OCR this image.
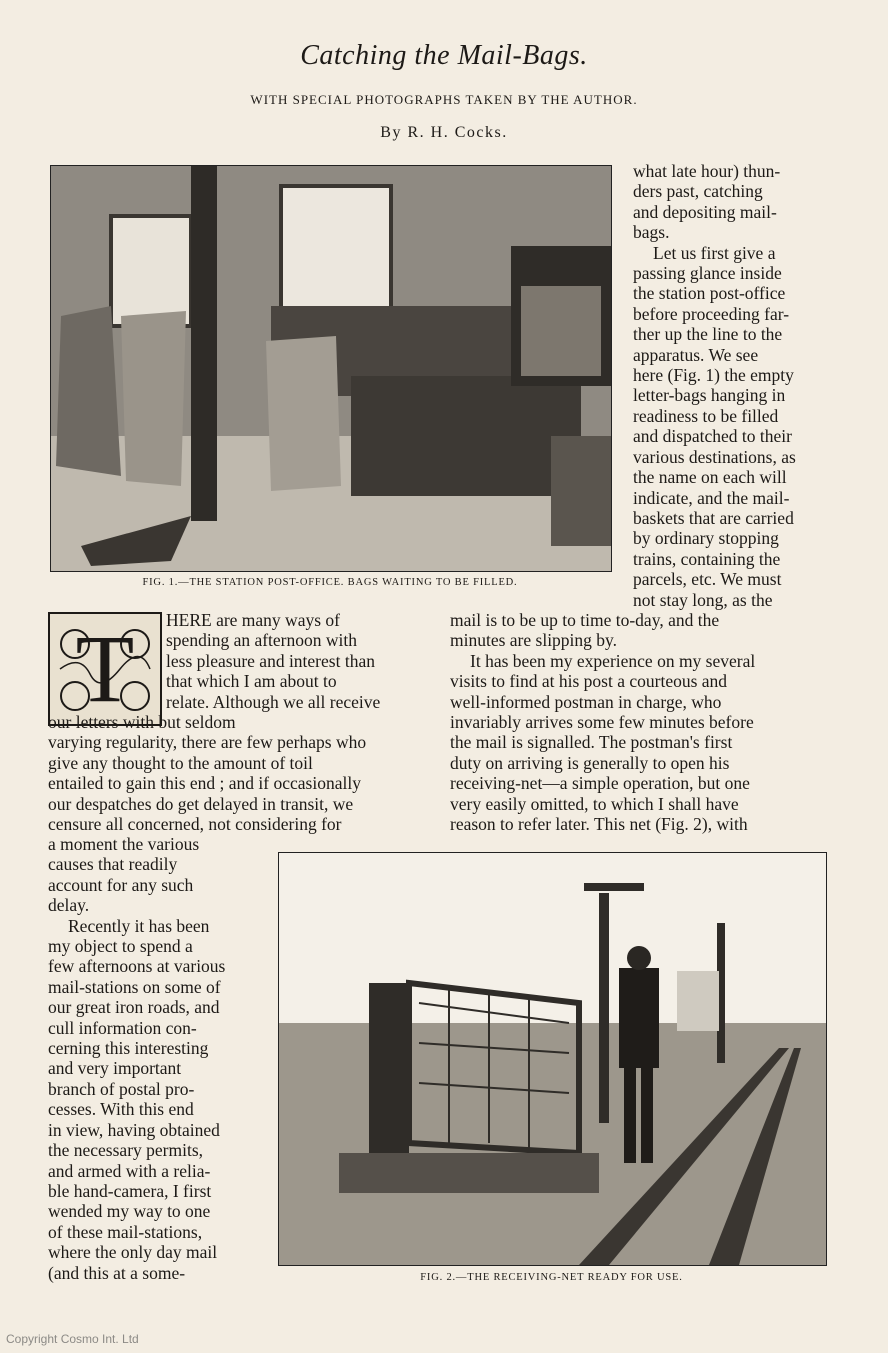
Catching the Mail-Bags.
WITH SPECIAL PHOTOGRAPHS TAKEN BY THE AUTHOR.
By R. H. Cocks.
FIG. 1.—THE STATION POST-OFFICE. BAGS WAITING TO BE FILLED.
what late hour) thun-
ders past, catching
and depositing mail-
bags.
Let us first give a
passing glance inside
the station post-office
before proceeding far-
ther up the line to the
apparatus. We see
here (Fig. 1) the empty
letter-bags hanging in
readiness to be filled
and dispatched to their
various destinations, as
the name on each will
indicate, and the mail-
baskets that are carried
by ordinary stopping
trains, containing the
parcels, etc. We must
not stay long, as the
mail is to be up to time to-day, and the
minutes are slipping by.
It has been my experience on my several
visits to find at his post a courteous and
well-informed postman in charge, who
invariably arrives some few minutes before
the mail is signalled. The postman's first
duty on arriving is generally to open his
receiving-net—a simple operation, but one
very easily omitted, to which I shall have
reason to refer later. This net (Fig. 2), with
T	HERE are many ways of
spending an afternoon with
less pleasure and interest than
that which I am about to
relate. Although we all receive
our letters with but seldom
varying regularity, there are few perhaps who
give any thought to the amount of toil
entailed to gain this end ; and if occasionally
our despatches do get delayed in transit, we
censure all concerned, not considering for
a moment the various
causes that readily
account for any such
delay.
Recently it has been
my object to spend a
few afternoons at various
mail-stations on some of
our great iron roads, and
cull information con-
cerning this interesting
and very important
branch of postal pro-
cesses. With this end
in view, having obtained
the necessary permits,
and armed with a relia-
ble hand-camera, I first
wended my way to one
of these mail-stations,
where the only day mail
(and this at a some-	FIG. 2.—THE RECEIVING-NET READY FOR USE.
Copyright Cosmo Int. Ltd
